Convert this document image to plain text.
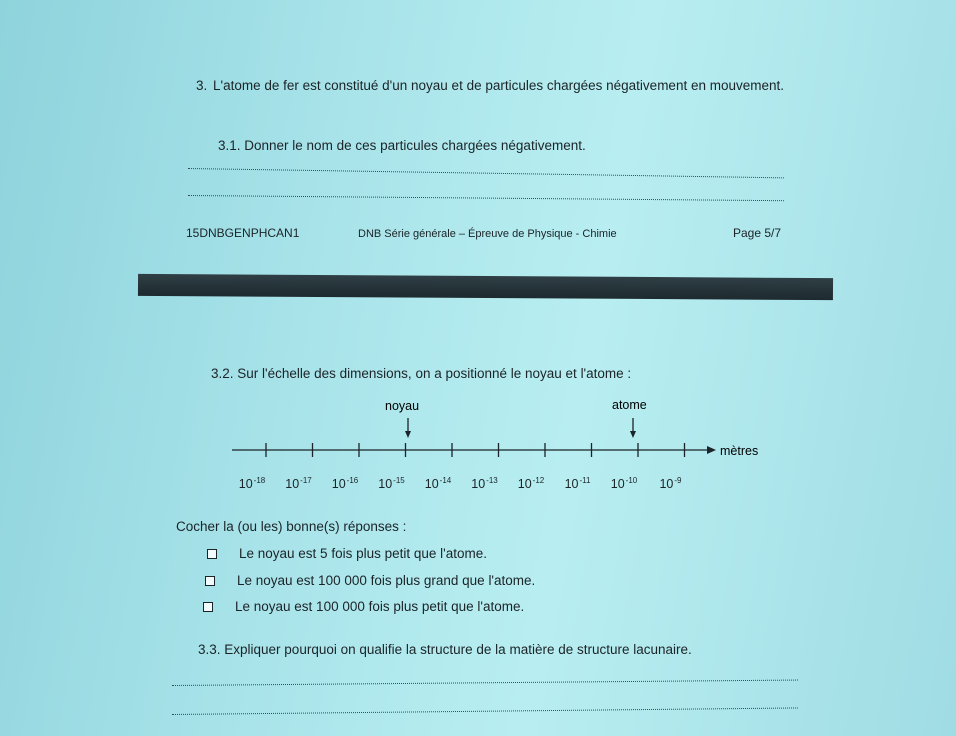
3. L'atome de fer est constitué d'un noyau et de particules chargées négativement en mouvement.
3.1. Donner le nom de ces particules chargées négativement.
15DNBGENPHCAN1	DNB Série générale – Épreuve de Physique - Chimie	Page 5/7
3.2. Sur l'échelle des dimensions, on a positionné le noyau et l'atome :
noyau	atome
mètres
$10^{-18}$ $10^{-17}$ $10^{-16}$ $10^{-15}$ $10^{-14}$ $10^{-13}$ $10^{-12}$ $10^{-11}$ $10^{-10}$ $10^{-9}$
Cocher la (ou les) bonne(s) réponses :
Le noyau est 5 fois plus petit que l'atome.
Le noyau est 100 000 fois plus grand que l'atome.
Le noyau est 100 000 fois plus petit que l'atome.
3.3. Expliquer pourquoi on qualifie la structure de la matière de structure lacunaire.
